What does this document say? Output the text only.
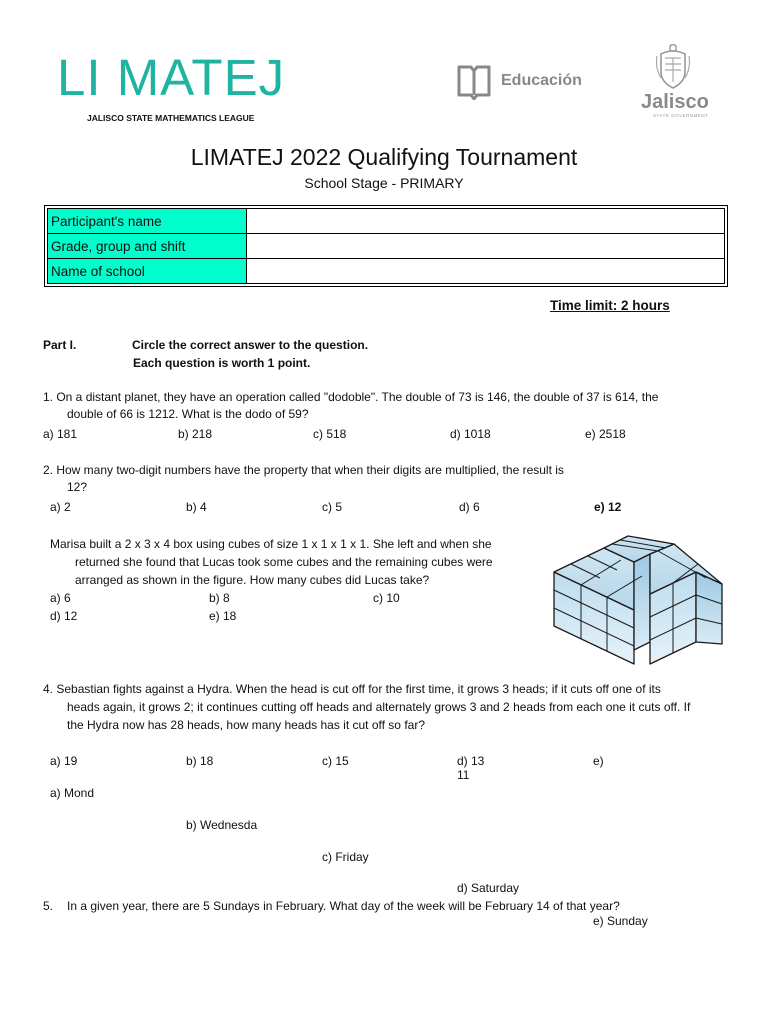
LI MATEJ
JALISCO STATE MATHEMATICS LEAGUE
Educación
Jalisco
STATE GOVERNMENT
LIMATEJ 2022 Qualifying Tournament
School Stage - PRIMARY
Participant's name	
Grade, group and shift	
Name of school	
Time limit: 2 hours
Part I.	Circle the correct answer to the question.
Each question is worth 1 point.
1. On a distant planet, they have an operation called "dodoble". The double of 73 is 146, the double of 37 is 614, the
double of 66 is 1212. What is the dodo of 59?
a) 181	b) 218	c) 518	d) 1018	e) 2518
2. How many two-digit numbers have the property that when their digits are multiplied, the result is
12?
a) 2	b) 4	c) 5	d) 6	e) 12
Marisa built a 2 x 3 x 4 box using cubes of size 1 x 1 x 1 x 1. She left and when she
returned she found that Lucas took some cubes and the remaining cubes were
arranged as shown in the figure. How many cubes did Lucas take?
a) 6	b) 8	c) 10
d) 12	e) 18
4. Sebastian fights against a Hydra. When the head is cut off for the first time, it grows 3 heads; if it cuts off one of its
heads again, it grows 2; it continues cutting off heads and alternately grows 3 and 2 heads from each one it cuts off. If
the Hydra now has 28 heads, how many heads has it cut off so far?
a) 19	b) 18	c) 15	d) 13	e)
11
a) Mond
b) Wednesda
c) Friday
d) Saturday
5. In a given year, there are 5 Sundays in February. What day of the week will be February 14 of that year?
e) Sunday
